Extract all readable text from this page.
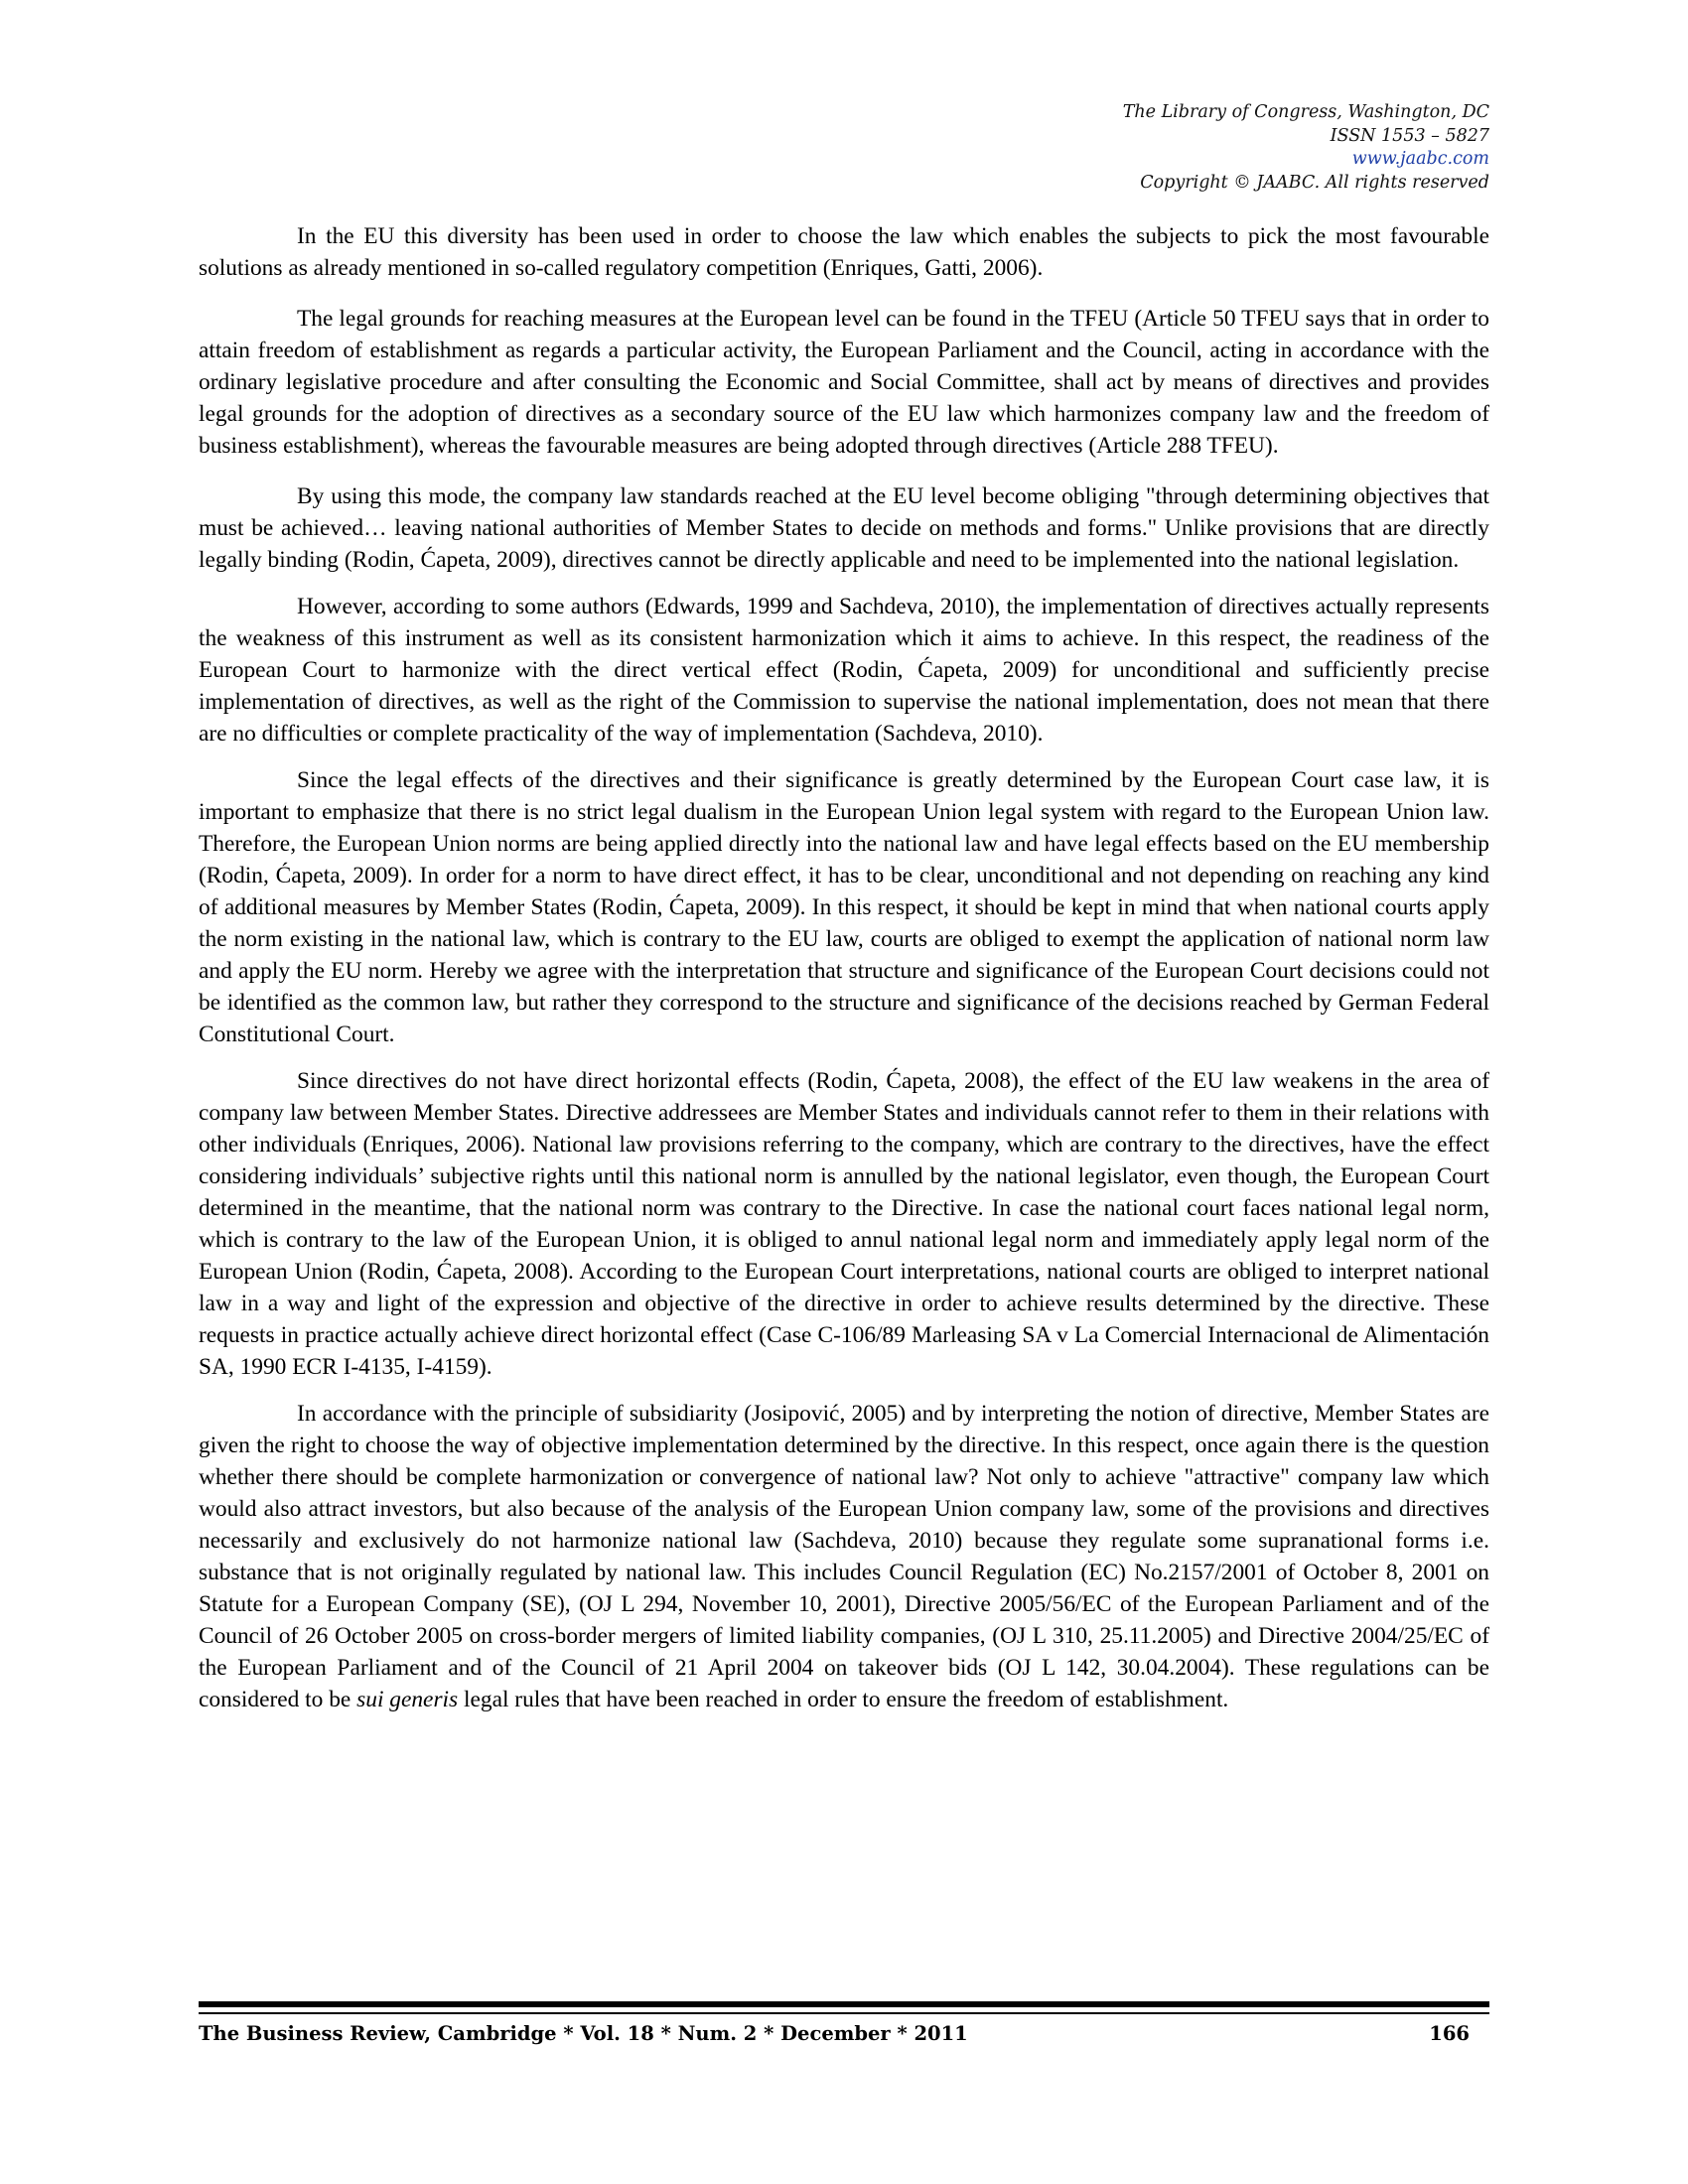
The Library of Congress, Washington, DC
ISSN 1553 – 5827
www.jaabc.com
Copyright © JAABC. All rights reserved

In the EU this diversity has been used in order to choose the law which enables the subjects to pick the most favourable solutions as already mentioned in so-called regulatory competition (Enriques, Gatti, 2006).

The legal grounds for reaching measures at the European level can be found in the TFEU (Article 50 TFEU says that in order to attain freedom of establishment as regards a particular activity, the European Parliament and the Council, acting in accordance with the ordinary legislative procedure and after consulting the Economic and Social Committee, shall act by means of directives and provides legal grounds for the adoption of directives as a secondary source of the EU law which harmonizes company law and the freedom of business establishment), whereas the favourable measures are being adopted through directives (Article 288 TFEU).

By using this mode, the company law standards reached at the EU level become obliging "through determining objectives that must be achieved… leaving national authorities of Member States to decide on methods and forms." Unlike provisions that are directly legally binding (Rodin, Ćapeta, 2009), directives cannot be directly applicable and need to be implemented into the national legislation.

However, according to some authors (Edwards, 1999 and Sachdeva, 2010), the implementation of directives actually represents the weakness of this instrument as well as its consistent harmonization which it aims to achieve. In this respect, the readiness of the European Court to harmonize with the direct vertical effect (Rodin, Ćapeta, 2009) for unconditional and sufficiently precise implementation of directives, as well as the right of the Commission to supervise the national implementation, does not mean that there are no difficulties or complete practicality of the way of implementation (Sachdeva, 2010).

Since the legal effects of the directives and their significance is greatly determined by the European Court case law, it is important to emphasize that there is no strict legal dualism in the European Union legal system with regard to the European Union law. Therefore, the European Union norms are being applied directly into the national law and have legal effects based on the EU membership (Rodin, Ćapeta, 2009). In order for a norm to have direct effect, it has to be clear, unconditional and not depending on reaching any kind of additional measures by Member States (Rodin, Ćapeta, 2009). In this respect, it should be kept in mind that when national courts apply the norm existing in the national law, which is contrary to the EU law, courts are obliged to exempt the application of national norm law and apply the EU norm. Hereby we agree with the interpretation that structure and significance of the European Court decisions could not be identified as the common law, but rather they correspond to the structure and significance of the decisions reached by German Federal Constitutional Court.

Since directives do not have direct horizontal effects (Rodin, Ćapeta, 2008), the effect of the EU law weakens in the area of company law between Member States. Directive addressees are Member States and individuals cannot refer to them in their relations with other individuals (Enriques, 2006). National law provisions referring to the company, which are contrary to the directives, have the effect considering individuals’ subjective rights until this national norm is annulled by the national legislator, even though, the European Court determined in the meantime, that the national norm was contrary to the Directive. In case the national court faces national legal norm, which is contrary to the law of the European Union, it is obliged to annul national legal norm and immediately apply legal norm of the European Union (Rodin, Ćapeta, 2008). According to the European Court interpretations, national courts are obliged to interpret national law in a way and light of the expression and objective of the directive in order to achieve results determined by the directive. These requests in practice actually achieve direct horizontal effect (Case C-106/89 Marleasing SA v La Comercial Internacional de Alimentación SA, 1990 ECR I-4135, I-4159).

In accordance with the principle of subsidiarity (Josipović, 2005) and by interpreting the notion of directive, Member States are given the right to choose the way of objective implementation determined by the directive. In this respect, once again there is the question whether there should be complete harmonization or convergence of national law? Not only to achieve "attractive" company law which would also attract investors, but also because of the analysis of the European Union company law, some of the provisions and directives necessarily and exclusively do not harmonize national law (Sachdeva, 2010) because they regulate some supranational forms i.e. substance that is not originally regulated by national law. This includes Council Regulation (EC) No.2157/2001 of October 8, 2001 on Statute for a European Company (SE), (OJ L 294, November 10, 2001), Directive 2005/56/EC of the European Parliament and of the Council of 26 October 2005 on cross-border mergers of limited liability companies, (OJ L 310, 25.11.2005) and Directive 2004/25/EC of the European Parliament and of the Council of 21 April 2004 on takeover bids (OJ L 142, 30.04.2004). These regulations can be considered to be sui generis legal rules that have been reached in order to ensure the freedom of establishment.

The Business Review, Cambridge * Vol. 18 * Num. 2 * December * 2011	166
